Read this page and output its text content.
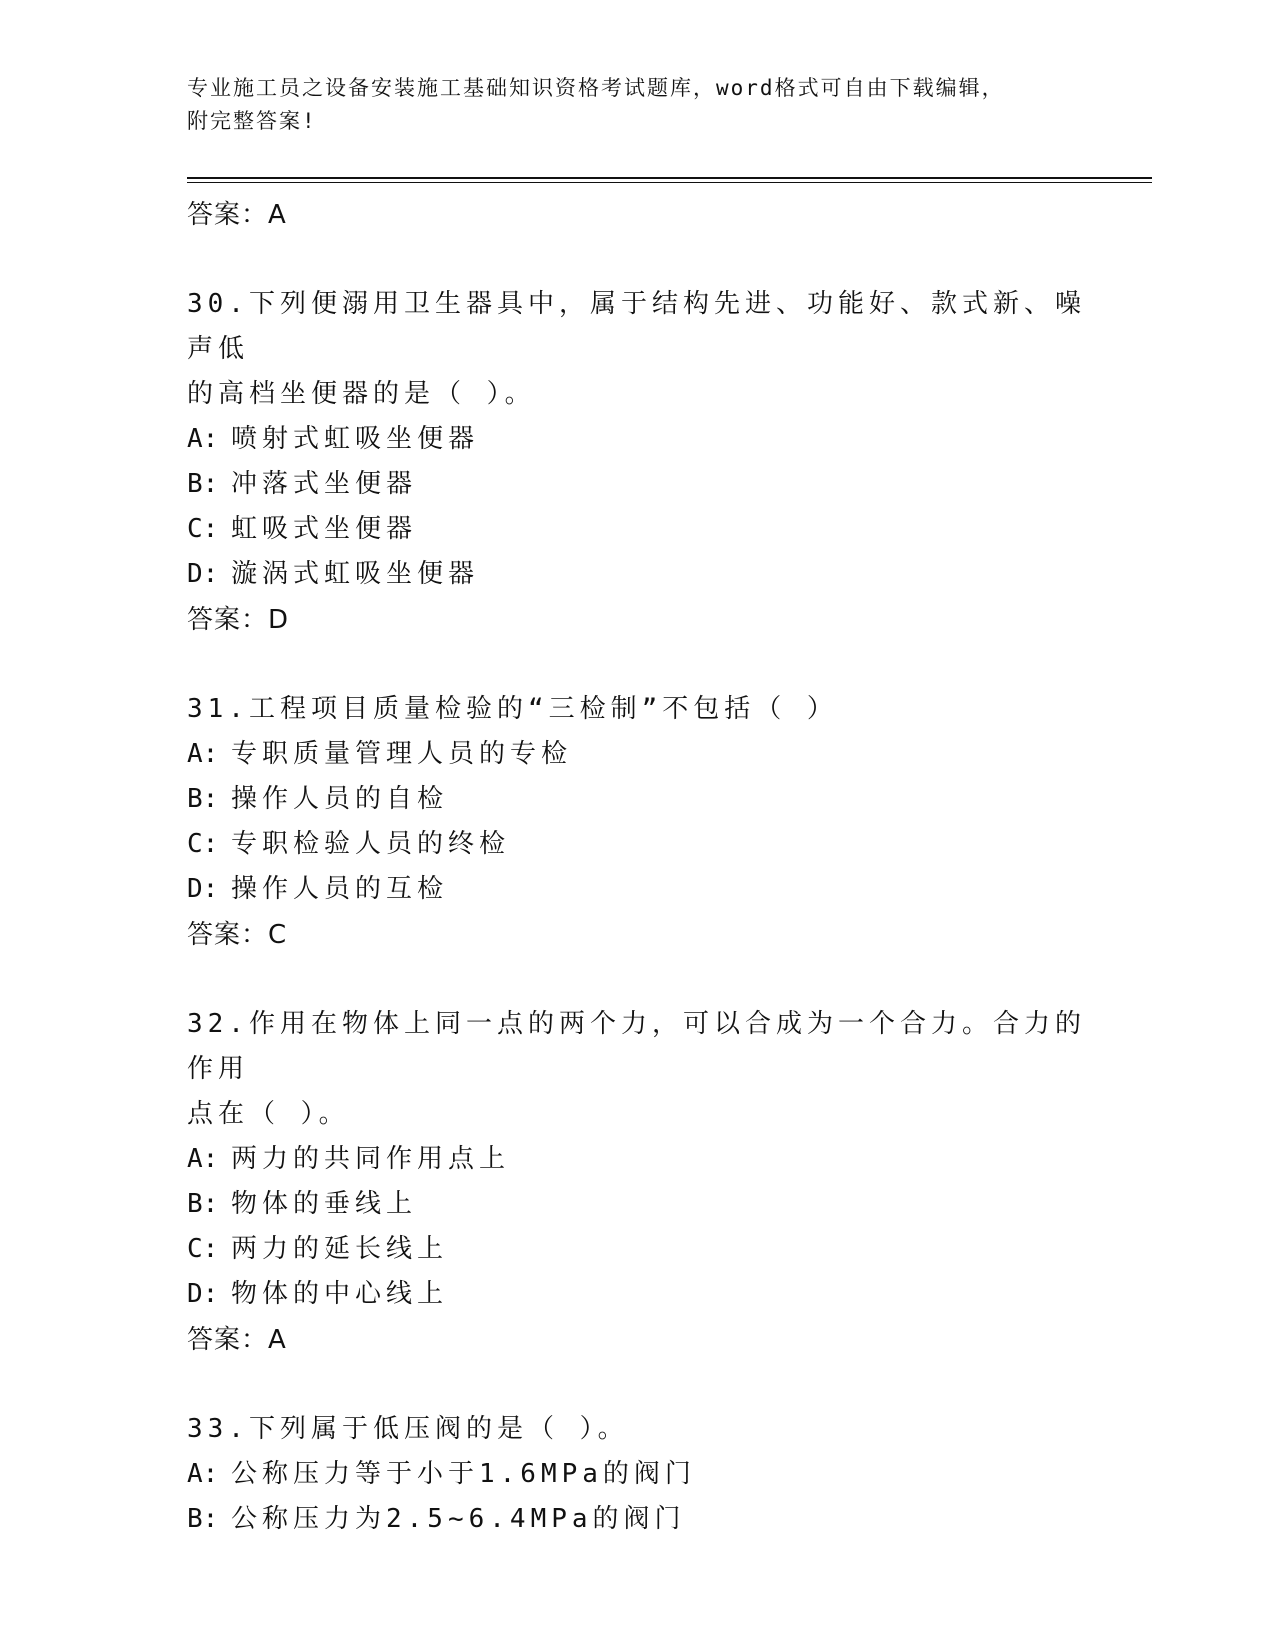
专业施工员之设备安装施工基础知识资格考试题库，word格式可自由下载编辑，
附完整答案!

答案：A

30.下列便溺用卫生器具中，属于结构先进、功能好、款式新、噪声低

的高档坐便器的是（ ）。

A: 喷射式虹吸坐便器

B: 冲落式坐便器

C: 虹吸式坐便器

D: 漩涡式虹吸坐便器

答案：D

31.工程项目质量检验的“三检制”不包括（ ）

A: 专职质量管理人员的专检

B: 操作人员的自检

C: 专职检验人员的终检

D: 操作人员的互检

答案：C

32.作用在物体上同一点的两个力，可以合成为一个合力。合力的作用

点在（ ）。

A: 两力的共同作用点上

B: 物体的垂线上

C: 两力的延长线上

D: 物体的中心线上

答案：A

33.下列属于低压阀的是（ ）。

A: 公称压力等于小于1.6MPa的阀门

B: 公称压力为2.5~6.4MPa的阀门
